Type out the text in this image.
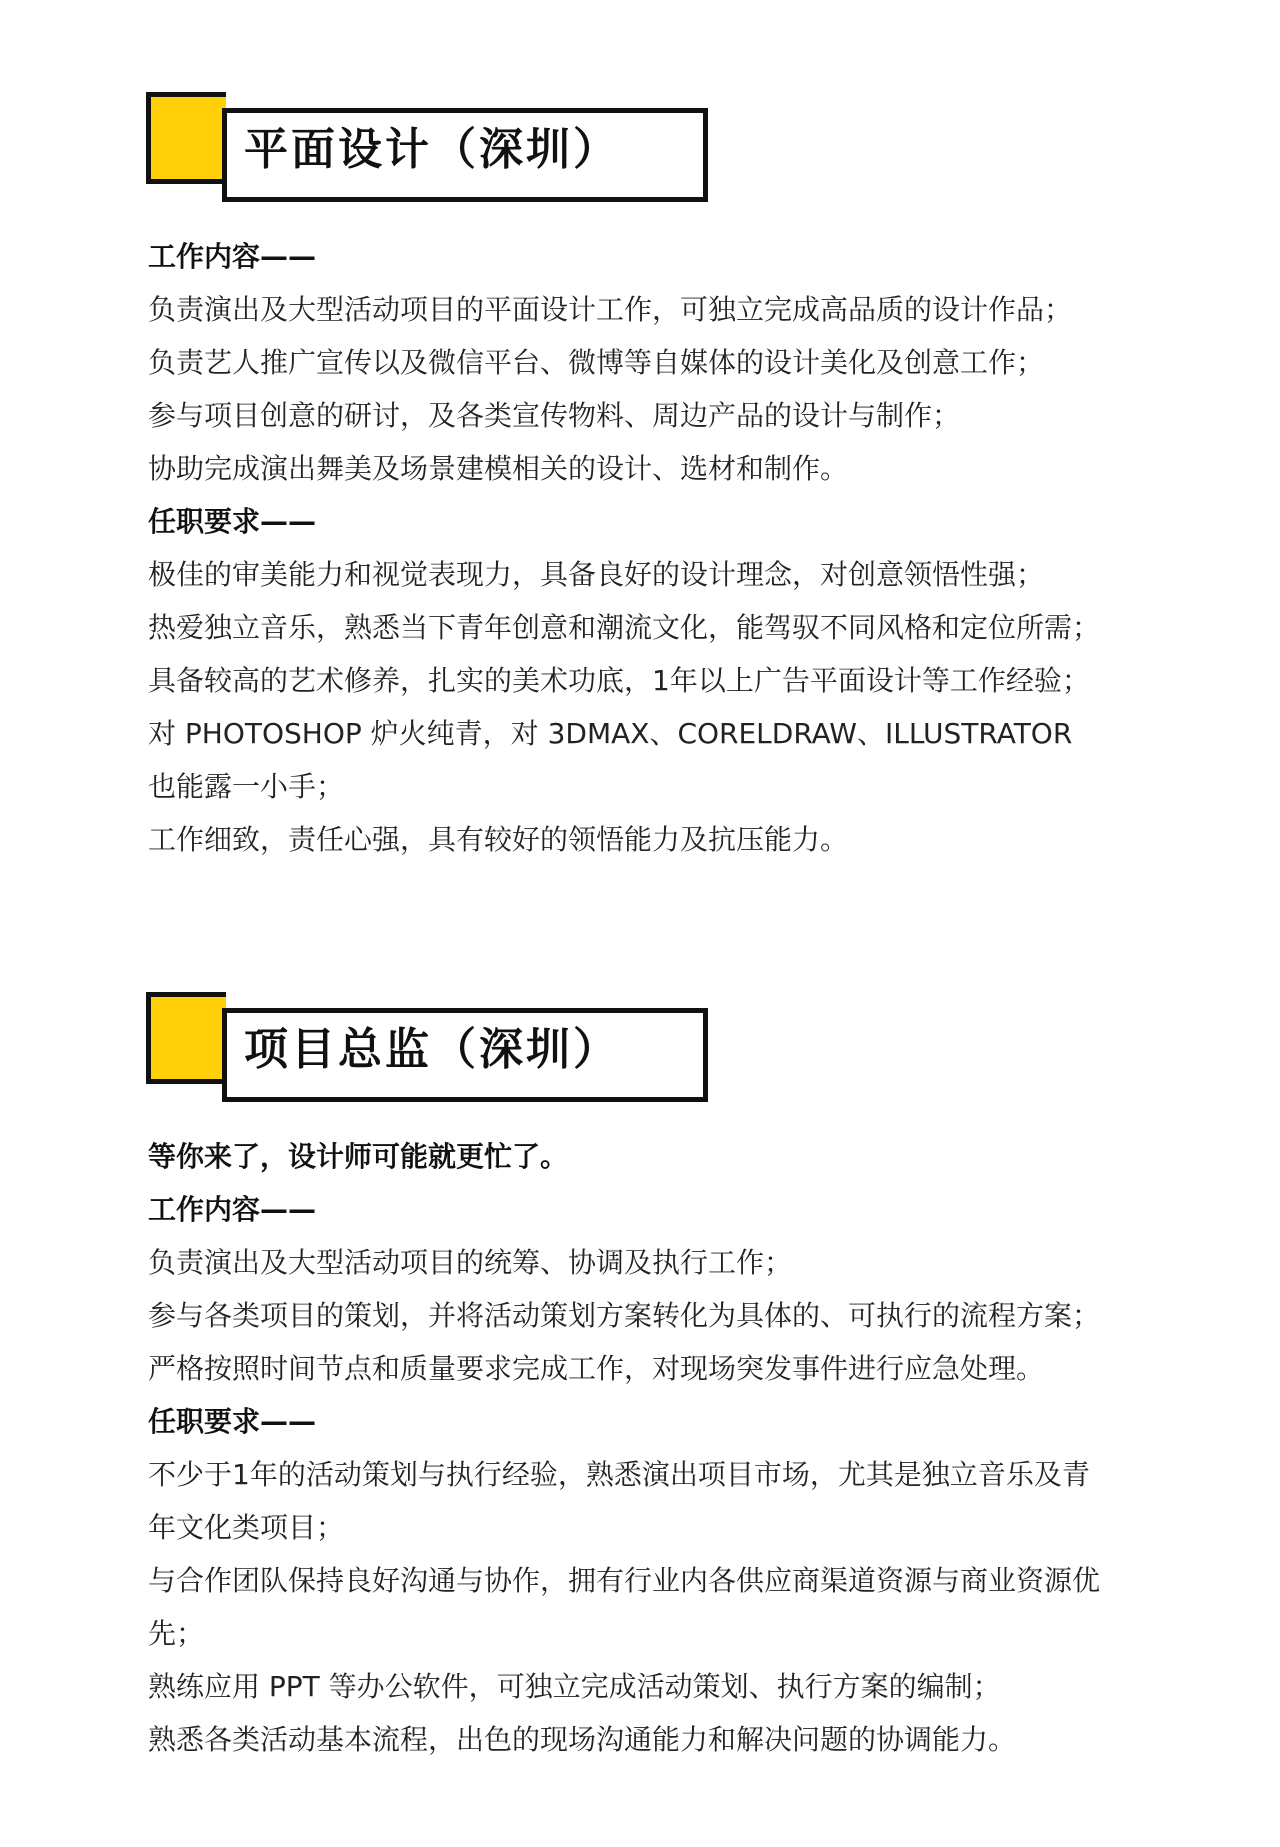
平面设计（深圳）
工作内容——
负责演出及大型活动项目的平面设计工作，可独立完成高品质的设计作品；
负责艺人推广宣传以及微信平台、微博等自媒体的设计美化及创意工作；
参与项目创意的研讨，及各类宣传物料、周边产品的设计与制作；
协助完成演出舞美及场景建模相关的设计、选材和制作。
任职要求——
极佳的审美能力和视觉表现力，具备良好的设计理念，对创意领悟性强；
热爱独立音乐，熟悉当下青年创意和潮流文化，能驾驭不同风格和定位所需；
具备较高的艺术修养，扎实的美术功底，1年以上广告平面设计等工作经验；
对 PHOTOSHOP 炉火纯青，对 3DMAX、CORELDRAW、ILLUSTRATOR
也能露一小手；
工作细致，责任心强，具有较好的领悟能力及抗压能力。
项目总监（深圳）
等你来了，设计师可能就更忙了。
工作内容——
负责演出及大型活动项目的统筹、协调及执行工作；
参与各类项目的策划，并将活动策划方案转化为具体的、可执行的流程方案；
严格按照时间节点和质量要求完成工作，对现场突发事件进行应急处理。
任职要求——
不少于1年的活动策划与执行经验，熟悉演出项目市场，尤其是独立音乐及青
年文化类项目；
与合作团队保持良好沟通与协作，拥有行业内各供应商渠道资源与商业资源优
先；
熟练应用 PPT 等办公软件，可独立完成活动策划、执行方案的编制；
熟悉各类活动基本流程，出色的现场沟通能力和解决问题的协调能力。
